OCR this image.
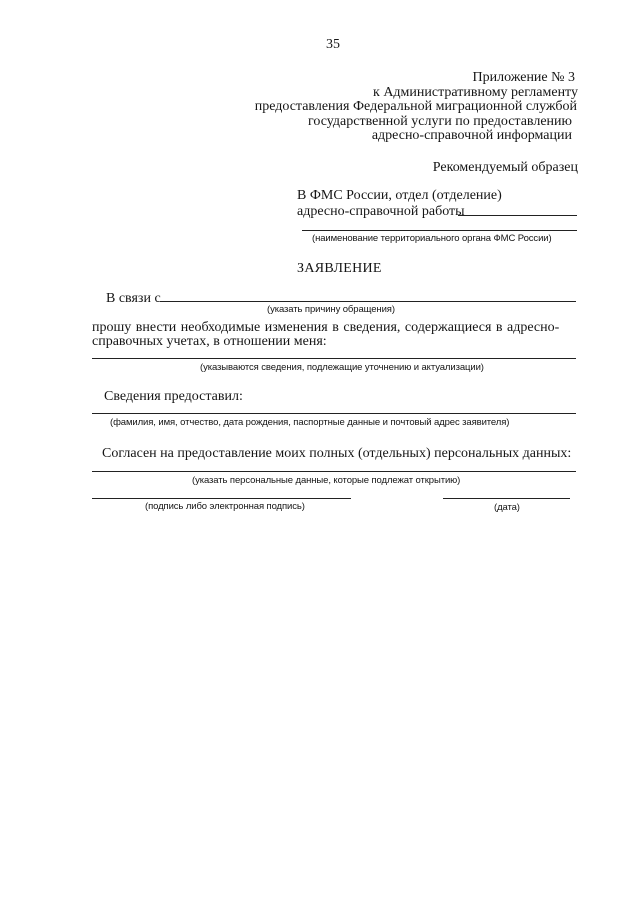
35
Приложение № 3
к Административному регламенту
предоставления Федеральной миграционной службой
государственной услуги по предоставлению
адресно-справочной информации
Рекомендуемый образец
В ФМС России, отдел (отделение)
адресно-справочной работы
(наименование территориального органа ФМС России)
ЗАЯВЛЕНИЕ
В связи с
(указать причину обращения)
прошу внести необходимые изменения в сведения, содержащиеся в адресно-
справочных учетах, в отношении меня:
(указываются сведения, подлежащие уточнению и актуализации)
Сведения предоставил:
(фамилия, имя, отчество, дата рождения, паспортные данные и почтовый адрес заявителя)
Согласен на предоставление моих полных (отдельных) персональных данных:
(указать персональные данные, которые подлежат открытию)
(подпись либо электронная подпись)	(дата)
